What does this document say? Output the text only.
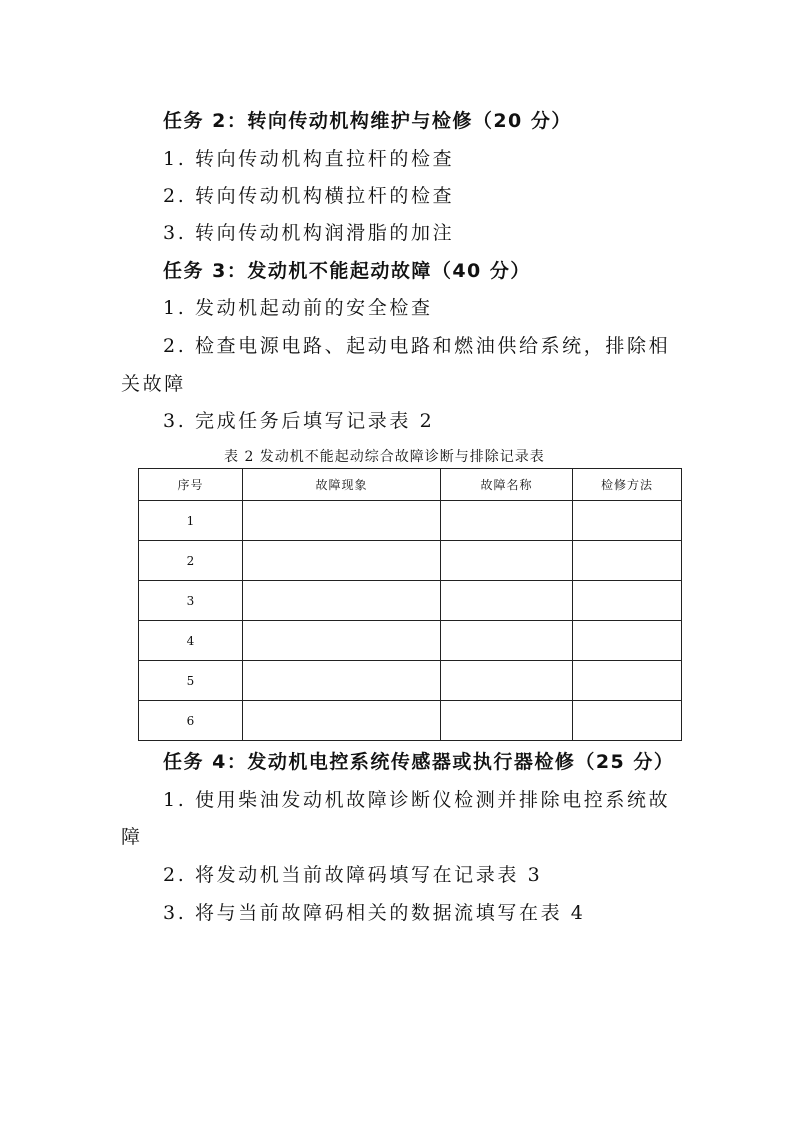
任务 2：转向传动机构维护与检修（20 分）
1. 转向传动机构直拉杆的检查
2. 转向传动机构横拉杆的检查
3. 转向传动机构润滑脂的加注
任务 3：发动机不能起动故障（40 分）
1. 发动机起动前的安全检查
2. 检查电源电路、起动电路和燃油供给系统，排除相
关故障
3. 完成任务后填写记录表 2
表 2 发动机不能起动综合故障诊断与排除记录表
序号	故障现象	故障名称	检修方法
1			
2			
3			
4			
5			
6			
任务 4：发动机电控系统传感器或执行器检修（25 分）
1. 使用柴油发动机故障诊断仪检测并排除电控系统故
障
2. 将发动机当前故障码填写在记录表 3
3. 将与当前故障码相关的数据流填写在表 4
